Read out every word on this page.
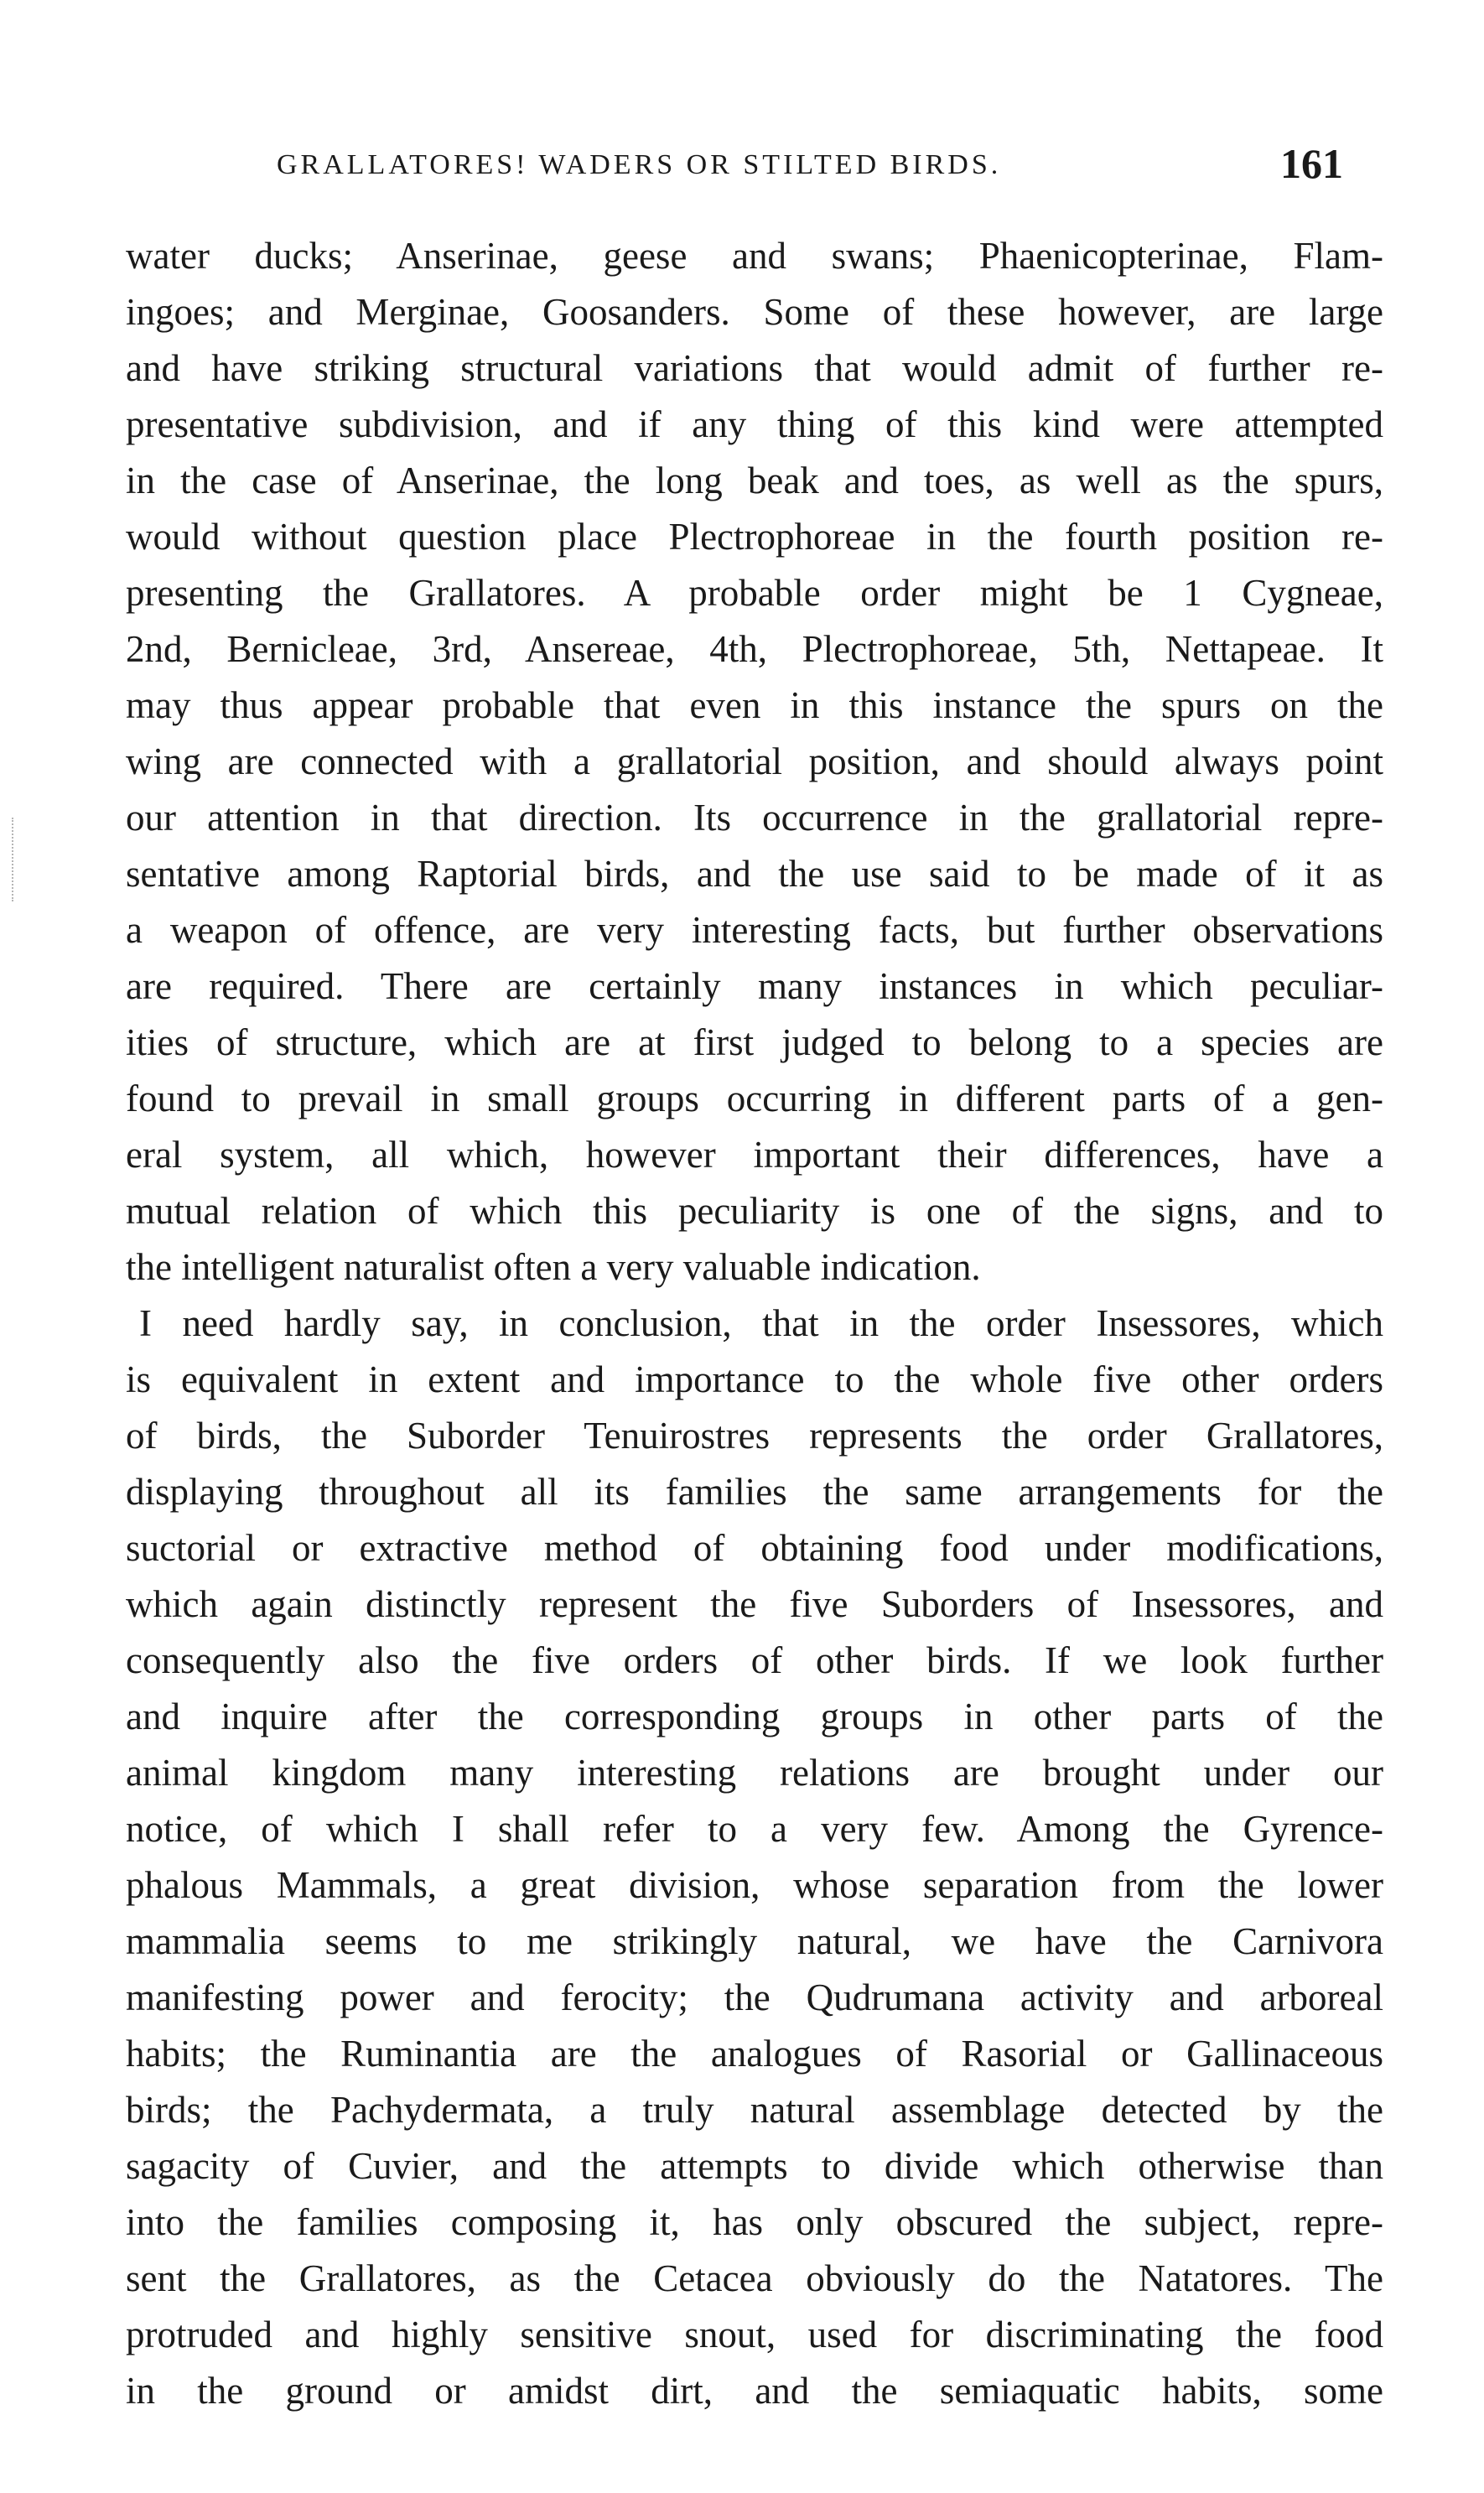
GRALLATORES! WADERS OR STILTED BIRDS.	161
water ducks; Anserinae, geese and swans; Phaenicopterinae, Flam-
ingoes; and Merginae, Goosanders. Some of these however, are large
and have striking structural variations that would admit of further re-
presentative subdivision, and if any thing of this kind were attempted
in the case of Anserinae, the long beak and toes, as well as the spurs,
would without question place Plectrophoreae in the fourth position re-
presenting the Grallatores. A probable order might be 1 Cygneae,
2nd, Bernicleae, 3rd, Ansereae, 4th, Plectrophoreae, 5th, Nettapeae. It
may thus appear probable that even in this instance the spurs on the
wing are connected with a grallatorial position, and should always point
our attention in that direction. Its occurrence in the grallatorial repre-
sentative among Raptorial birds, and the use said to be made of it as
a weapon of offence, are very interesting facts, but further observations
are required. There are certainly many instances in which peculiar-
ities of structure, which are at first judged to belong to a species are
found to prevail in small groups occurring in different parts of a gen-
eral system, all which, however important their differences, have a
mutual relation of which this peculiarity is one of the signs, and to
the intelligent naturalist often a very valuable indication.
I need hardly say, in conclusion, that in the order Insessores, which
is equivalent in extent and importance to the whole five other orders
of birds, the Suborder Tenuirostres represents the order Grallatores,
displaying throughout all its families the same arrangements for the
suctorial or extractive method of obtaining food under modifications,
which again distinctly represent the five Suborders of Insessores, and
consequently also the five orders of other birds. If we look further
and inquire after the corresponding groups in other parts of the
animal kingdom many interesting relations are brought under our
notice, of which I shall refer to a very few. Among the Gyrence-
phalous Mammals, a great division, whose separation from the lower
mammalia seems to me strikingly natural, we have the Carnivora
manifesting power and ferocity; the Qudrumana activity and arboreal
habits; the Ruminantia are the analogues of Rasorial or Gallinaceous
birds; the Pachydermata, a truly natural assemblage detected by the
sagacity of Cuvier, and the attempts to divide which otherwise than
into the families composing it, has only obscured the subject, repre-
sent the Grallatores, as the Cetacea obviously do the Natatores. The
protruded and highly sensitive snout, used for discriminating the food
in the ground or amidst dirt, and the semiaquatic habits, some
